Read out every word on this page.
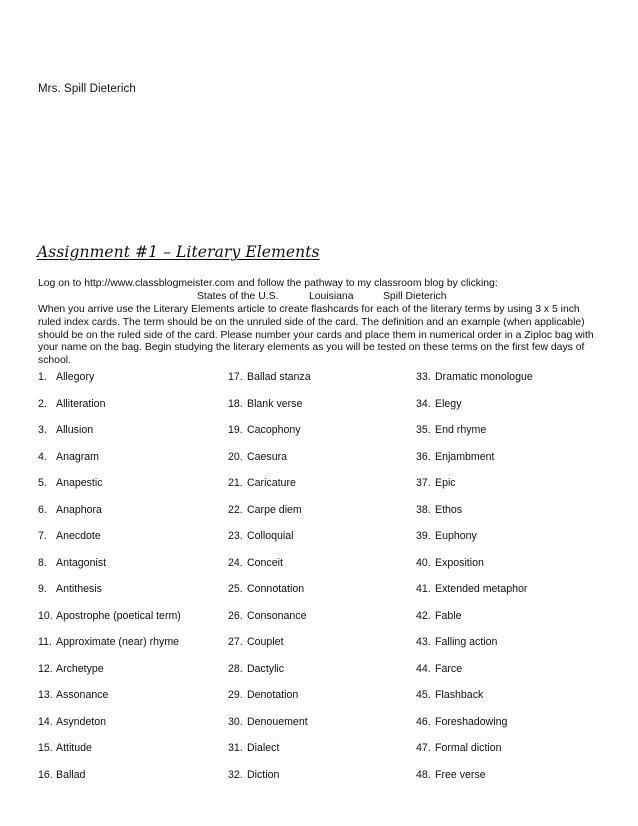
Mrs. Spill Dieterich
Assignment #1 – Literary Elements
Log on to http://www.classblogmeister.com and follow the pathway to my classroom blog by clicking:
States of the U.S.	Louisiana	Spill Dieterich
When you arrive use the Literary Elements article to create flashcards for each of the literary terms by using 3 x 5 inch ruled index cards. The term should be on the unruled side of the card. The definition and an example (when applicable) should be on the ruled side of the card. Please number your cards and place them in numerical order in a Ziploc bag with your name on the bag. Begin studying the literary elements as you will be tested on these terms on the first few days of school.
1. Allegory
2. Alliteration
3. Allusion
4. Anagram
5. Anapestic
6. Anaphora
7. Anecdote
8. Antagonist
9. Antithesis
10. Apostrophe (poetical term)
11. Approximate (near) rhyme
12. Archetype
13. Assonance
14. Asyndeton
15. Attitude
16. Ballad
17. Ballad stanza
18. Blank verse
19. Cacophony
20. Caesura
21. Caricature
22. Carpe diem
23. Colloquial
24. Conceit
25. Connotation
26. Consonance
27. Couplet
28. Dactylic
29. Denotation
30. Denouement
31. Dialect
32. Diction
33. Dramatic monologue
34. Elegy
35. End rhyme
36. Enjambment
37. Epic
38. Ethos
39. Euphony
40. Exposition
41. Extended metaphor
42. Fable
43. Falling action
44. Farce
45. Flashback
46. Foreshadowing
47. Formal diction
48. Free verse
